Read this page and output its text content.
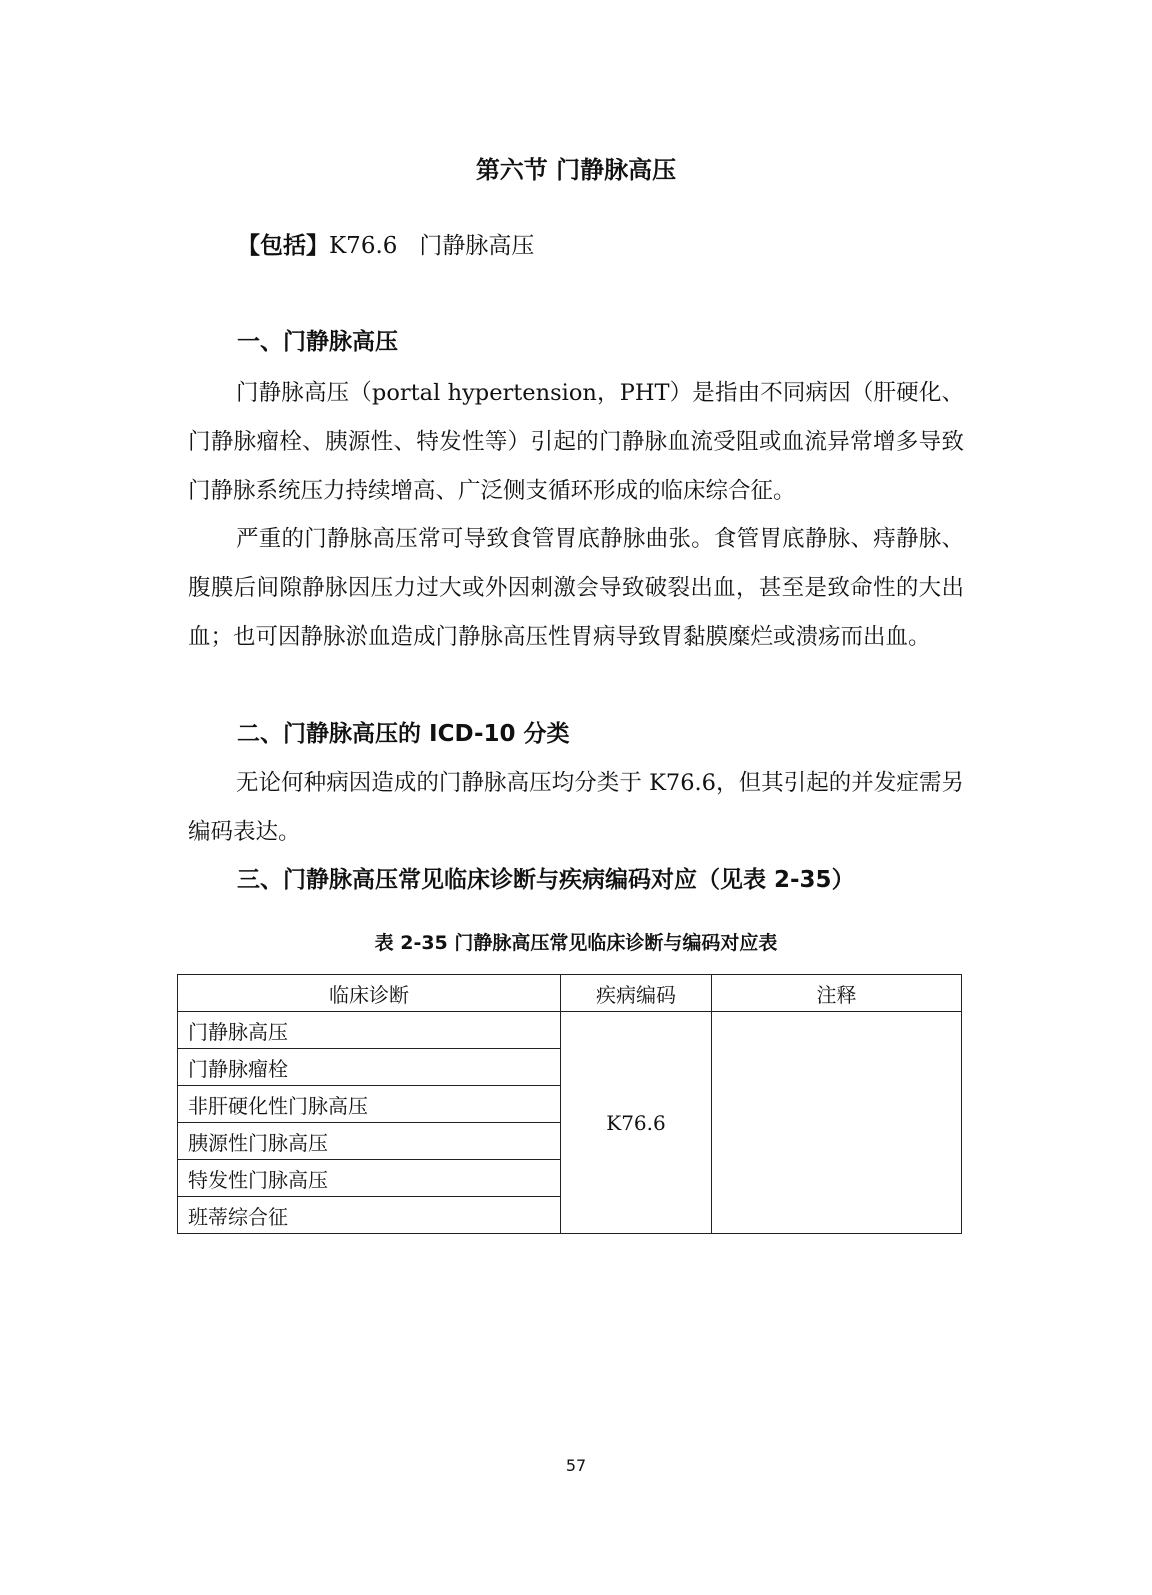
第六节 门静脉高压
【包括】K76.6 门静脉高压
一、门静脉高压

门静脉高压（portal hypertension，PHT）是指由不同病因（肝硬化、门静脉瘤栓、胰源性、特发性等）引起的门静脉血流受阻或血流异常增多导致门静脉系统压力持续增高、广泛侧支循环形成的临床综合征。

严重的门静脉高压常可导致食管胃底静脉曲张。食管胃底静脉、痔静脉、腹膜后间隙静脉因压力过大或外因刺激会导致破裂出血，甚至是致命性的大出血；也可因静脉淤血造成门静脉高压性胃病导致胃黏膜糜烂或溃疡而出血。

二、门静脉高压的 ICD-10 分类

无论何种病因造成的门静脉高压均分类于 K76.6，但其引起的并发症需另编码表达。

三、门静脉高压常见临床诊断与疾病编码对应（见表 2-35）
表 2-35 门静脉高压常见临床诊断与编码对应表
临床诊断	疾病编码	注释
门静脉高压	K76.6	
门静脉瘤栓		
非肝硬化性门脉高压		
胰源性门脉高压		
特发性门脉高压		
班蒂综合征		
57
